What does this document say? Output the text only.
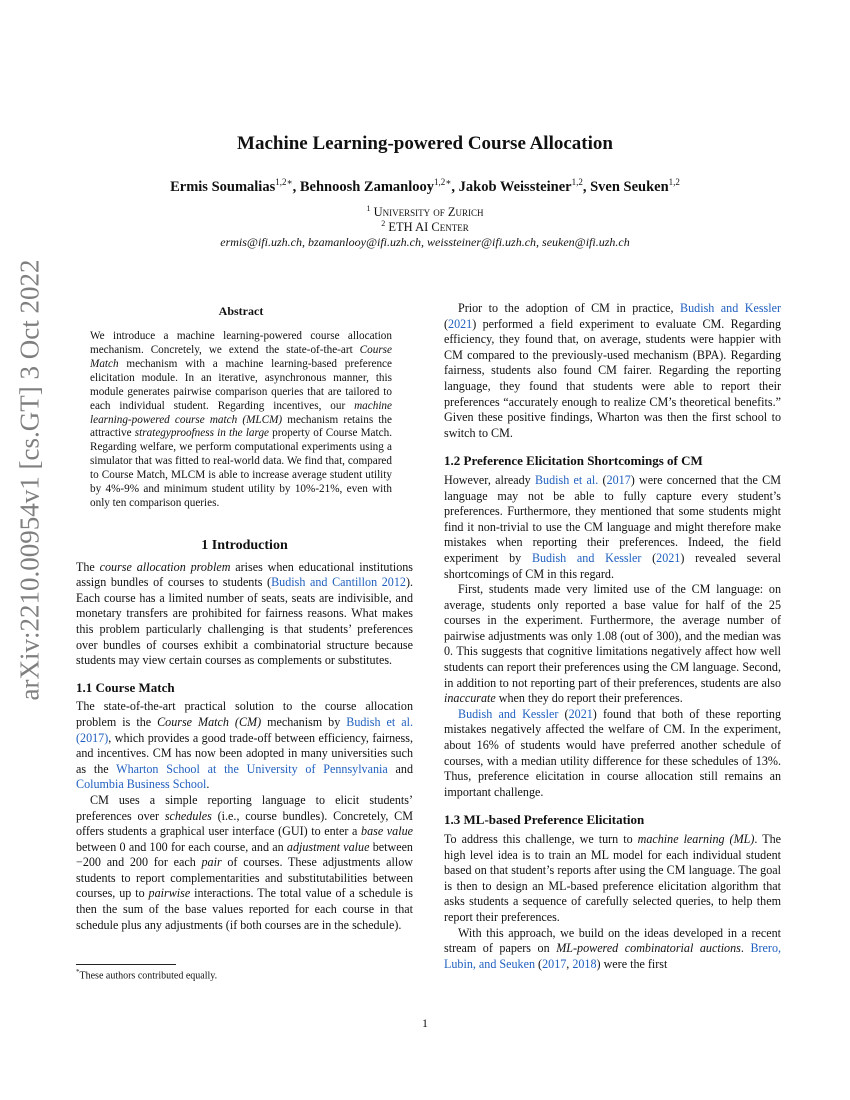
arXiv:2210.00954v1 [cs.GT] 3 Oct 2022
Machine Learning-powered Course Allocation
Ermis Soumalias$^{1,2∗}$, Behnoosh Zamanlooy$^{1,2∗}$, Jakob Weissteiner$^{1,2}$, Sven Seuken$^{1,2}$
$^1$ University of Zurich
$^2$ ETH AI Center
ermis@ifi.uzh.ch, bzamanlooy@ifi.uzh.ch, weissteiner@ifi.uzh.ch, seuken@ifi.uzh.ch

Abstract

We introduce a machine learning-powered course allocation mechanism. Concretely, we extend the state-of-the-art Course Match mechanism with a machine learning-based preference elicitation module. In an iterative, asynchronous manner, this module generates pairwise comparison queries that are tailored to each individual student. Regarding incentives, our machine learning-powered course match (MLCM) mechanism retains the attractive strategyproofness in the large property of Course Match. Regarding welfare, we perform computational experiments using a simulator that was fitted to real-world data. We find that, compared to Course Match, MLCM is able to increase average student utility by 4%-9% and minimum student utility by 10%-21%, even with only ten comparison queries.

1 Introduction

The course allocation problem arises when educational institutions assign bundles of courses to students (Budish and Cantillon 2012). Each course has a limited number of seats, seats are indivisible, and monetary transfers are prohibited for fairness reasons. What makes this problem particularly challenging is that students’ preferences over bundles of courses exhibit a combinatorial structure because students may view certain courses as complements or substitutes.

1.1 Course Match

The state-of-the-art practical solution to the course allocation problem is the Course Match (CM) mechanism by Budish et al. (2017), which provides a good trade-off between efficiency, fairness, and incentives. CM has now been adopted in many universities such as the Wharton School at the University of Pennsylvania and Columbia Business School.

CM uses a simple reporting language to elicit students’ preferences over schedules (i.e., course bundles). Concretely, CM offers students a graphical user interface (GUI) to enter a base value between 0 and 100 for each course, and an adjustment value between −200 and 200 for each pair of courses. These adjustments allow students to report complementarities and substitutabilities between courses, up to pairwise interactions. The total value of a schedule is then the sum of the base values reported for each course in that schedule plus any adjustments (if both courses are in the schedule).

Prior to the adoption of CM in practice, Budish and Kessler (2021) performed a field experiment to evaluate CM. Regarding efficiency, they found that, on average, students were happier with CM compared to the previously-used mechanism (BPA). Regarding fairness, students also found CM fairer. Regarding the reporting language, they found that students were able to report their preferences “accurately enough to realize CM’s theoretical benefits.” Given these positive findings, Wharton was then the first school to switch to CM.

1.2 Preference Elicitation Shortcomings of CM

However, already Budish et al. (2017) were concerned that the CM language may not be able to fully capture every student’s preferences. Furthermore, they mentioned that some students might find it non-trivial to use the CM language and might therefore make mistakes when reporting their preferences. Indeed, the field experiment by Budish and Kessler (2021) revealed several shortcomings of CM in this regard.

First, students made very limited use of the CM language: on average, students only reported a base value for half of the 25 courses in the experiment. Furthermore, the average number of pairwise adjustments was only 1.08 (out of 300), and the median was 0. This suggests that cognitive limitations negatively affect how well students can report their preferences using the CM language. Second, in addition to not reporting part of their preferences, students are also inaccurate when they do report their preferences.

Budish and Kessler (2021) found that both of these reporting mistakes negatively affected the welfare of CM. In the experiment, about 16% of students would have preferred another schedule of courses, with a median utility difference for these schedules of 13%. Thus, preference elicitation in course allocation still remains an important challenge.

1.3 ML-based Preference Elicitation

To address this challenge, we turn to machine learning (ML). The high level idea is to train an ML model for each individual student based on that student’s reports after using the CM language. The goal is then to design an ML-based preference elicitation algorithm that asks students a sequence of carefully selected queries, to help them report their preferences.

With this approach, we build on the ideas developed in a recent stream of papers on ML-powered combinatorial auctions. Brero, Lubin, and Seuken (2017, 2018) were the first

*These authors contributed equally.
1
